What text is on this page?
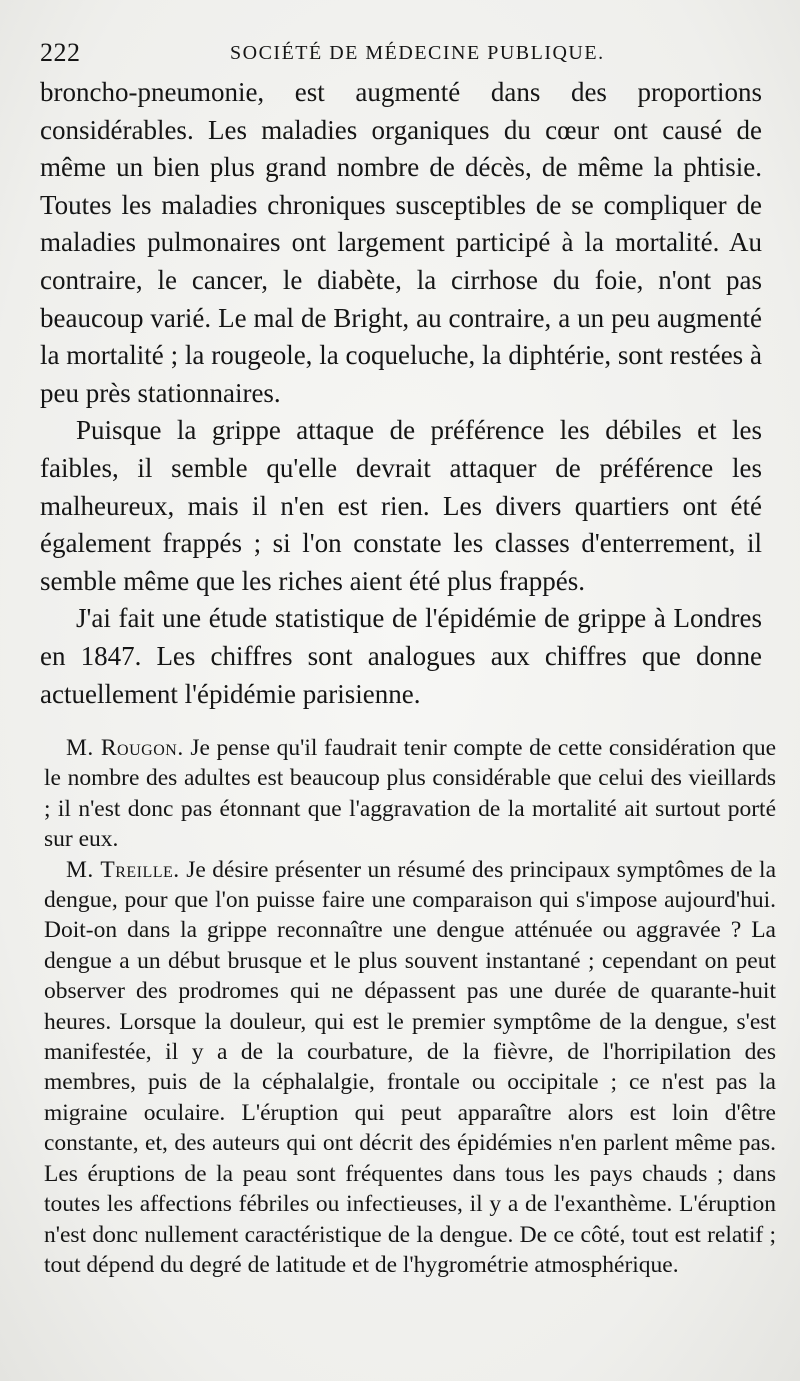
222	SOCIÉTÉ DE MÉDECINE PUBLIQUE.

broncho-pneumonie, est augmenté dans des proportions considérables. Les maladies organiques du cœur ont causé de même un bien plus grand nombre de décès, de même la phtisie. Toutes les maladies chroniques susceptibles de se compliquer de maladies pulmonaires ont largement participé à la mortalité. Au contraire, le cancer, le diabète, la cirrhose du foie, n'ont pas beaucoup varié. Le mal de Bright, au contraire, a un peu augmenté la mortalité ; la rougeole, la coqueluche, la diphtérie, sont restées à peu près stationnaires.

Puisque la grippe attaque de préférence les débiles et les faibles, il semble qu'elle devrait attaquer de préférence les malheureux, mais il n'en est rien. Les divers quartiers ont été également frappés ; si l'on constate les classes d'enterrement, il semble même que les riches aient été plus frappés.

J'ai fait une étude statistique de l'épidémie de grippe à Londres en 1847. Les chiffres sont analogues aux chiffres que donne actuellement l'épidémie parisienne.

M. Rougon. Je pense qu'il faudrait tenir compte de cette considération que le nombre des adultes est beaucoup plus considérable que celui des vieillards ; il n'est donc pas étonnant que l'aggravation de la mortalité ait surtout porté sur eux.

M. Treille. Je désire présenter un résumé des principaux symptômes de la dengue, pour que l'on puisse faire une comparaison qui s'impose aujourd'hui. Doit-on dans la grippe reconnaître une dengue atténuée ou aggravée ? La dengue a un début brusque et le plus souvent instantané ; cependant on peut observer des prodromes qui ne dépassent pas une durée de quarante-huit heures. Lorsque la douleur, qui est le premier symptôme de la dengue, s'est manifestée, il y a de la courbature, de la fièvre, de l'horripilation des membres, puis de la céphalalgie, frontale ou occipitale ; ce n'est pas la migraine oculaire. L'éruption qui peut apparaître alors est loin d'être constante, et, des auteurs qui ont décrit des épidémies n'en parlent même pas. Les éruptions de la peau sont fréquentes dans tous les pays chauds ; dans toutes les affections fébriles ou infectieuses, il y a de l'exanthème. L'éruption n'est donc nullement caractéristique de la dengue. De ce côté, tout est relatif ; tout dépend du degré de latitude et de l'hygrométrie atmosphérique.
